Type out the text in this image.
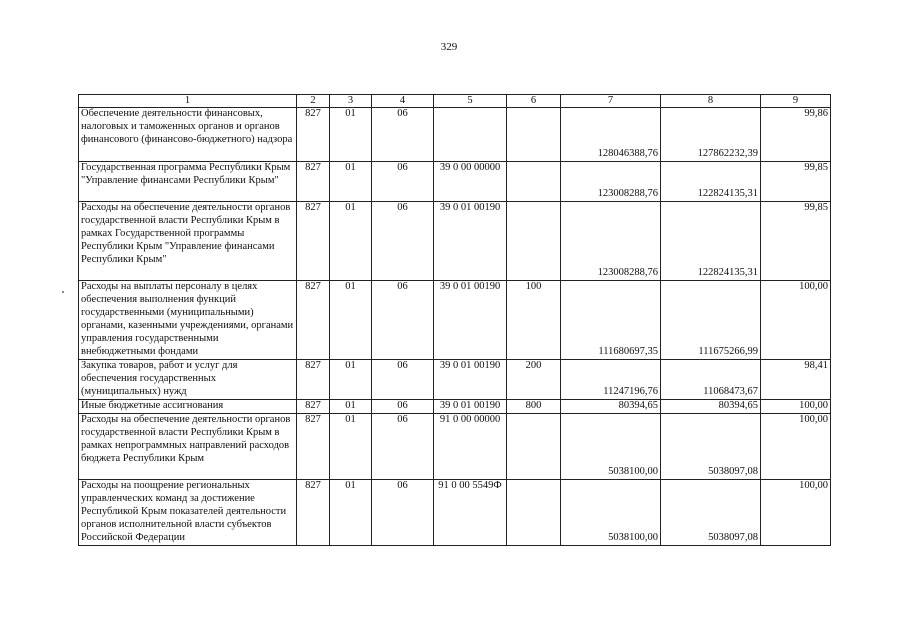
329
1	2	3	4	5	6	7	8	9
Обеспечение деятельности финансовых, налоговых и таможенных органов и органов финансового (финансово-бюджетного) надзора	827	01	06			128046388,76	127862232,39	99,86
Государственная программа Республики Крым "Управление финансами Республики Крым"	827	01	06	39 0 00 00000		123008288,76	122824135,31	99,85
Расходы на обеспечение деятельности органов государственной власти Республики Крым в рамках Государственной программы Республики Крым "Управление финансами Республики Крым"	827	01	06	39 0 01 00190		123008288,76	122824135,31	99,85
Расходы на выплаты персоналу в целях обеспечения выполнения функций государственными (муниципальными) органами, казенными учреждениями, органами управления государственными внебюджетными фондами	827	01	06	39 0 01 00190	100	111680697,35	111675266,99	100,00
Закупка товаров, работ и услуг для обеспечения государственных (муниципальных) нужд	827	01	06	39 0 01 00190	200	11247196,76	11068473,67	98,41
Иные бюджетные ассигнования	827	01	06	39 0 01 00190	800	80394,65	80394,65	100,00
Расходы на обеспечение деятельности органов государственной власти Республики Крым в рамках непрограммных направлений расходов бюджета Республики Крым	827	01	06	91 0 00 00000		5038100,00	5038097,08	100,00
Расходы на поощрение региональных управленческих команд за достижение Республикой Крым показателей деятельности органов исполнительной власти субъектов Российской Федерации	827	01	06	91 0 00 5549Ф		5038100,00	5038097,08	100,00
